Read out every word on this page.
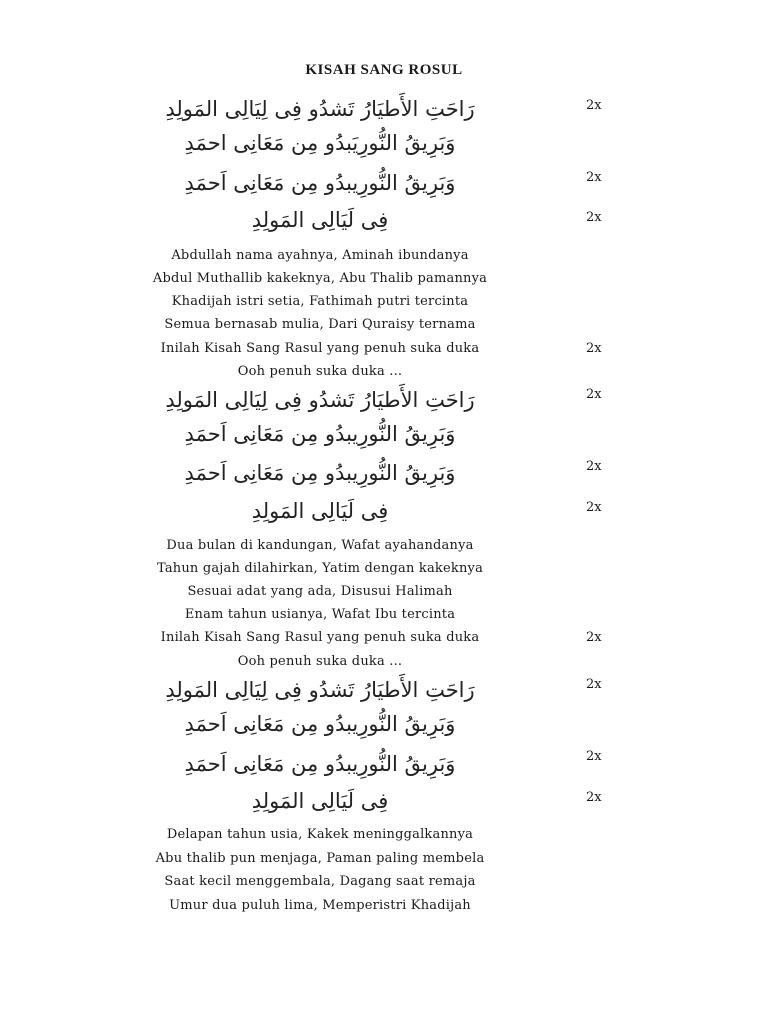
KISAH SANG ROSUL
رَاحَتِ الأَطيَارُ تَشدُو فِى لِيَالِى المَولِدِ
وَبَرِيقُ النُّورِيَبدُو مِن مَعَانِى احمَدِ
وَبَرِيقُ النُّورِيبدُو مِن مَعَانِى اَحمَدِ
فِى لَيَالِى المَولِدِ
2x
2x
2x
Abdullah nama ayahnya, Aminah ibundanya
Abdul Muthallib kakeknya, Abu Thalib pamannya
Khadijah istri setia, Fathimah putri tercinta
Semua bernasab mulia, Dari Quraisy ternama
Inilah Kisah Sang Rasul yang penuh suka duka
Ooh penuh suka duka ...
2x
رَاحَتِ الأَطيَارُ تَشدُو فِى لِيَالِى المَولِدِ
وَبَرِيقُ النُّورِيبدُو مِن مَعَانِى اَحمَدِ
وَبَرِيقُ النُّورِيبدُو مِن مَعَانِى اَحمَدِ
فِى لَيَالِى المَولِدِ
2x
2x
2x
Dua bulan di kandungan, Wafat ayahandanya
Tahun gajah dilahirkan, Yatim dengan kakeknya
Sesuai adat yang ada, Disusui Halimah
Enam tahun usianya, Wafat Ibu tercinta
Inilah Kisah Sang Rasul yang penuh suka duka
Ooh penuh suka duka ...
2x
رَاحَتِ الأَطيَارُ تَشدُو فِى لِيَالِى المَولِدِ
وَبَرِيقُ النُّورِيبدُو مِن مَعَانِى اَحمَدِ
وَبَرِيقُ النُّورِيبدُو مِن مَعَانِى اَحمَدِ
فِى لَيَالِى المَولِدِ
2x
2x
2x
Delapan tahun usia, Kakek meninggalkannya
Abu thalib pun menjaga, Paman paling membela
Saat kecil menggembala, Dagang saat remaja
Umur dua puluh lima, Memperistri Khadijah
